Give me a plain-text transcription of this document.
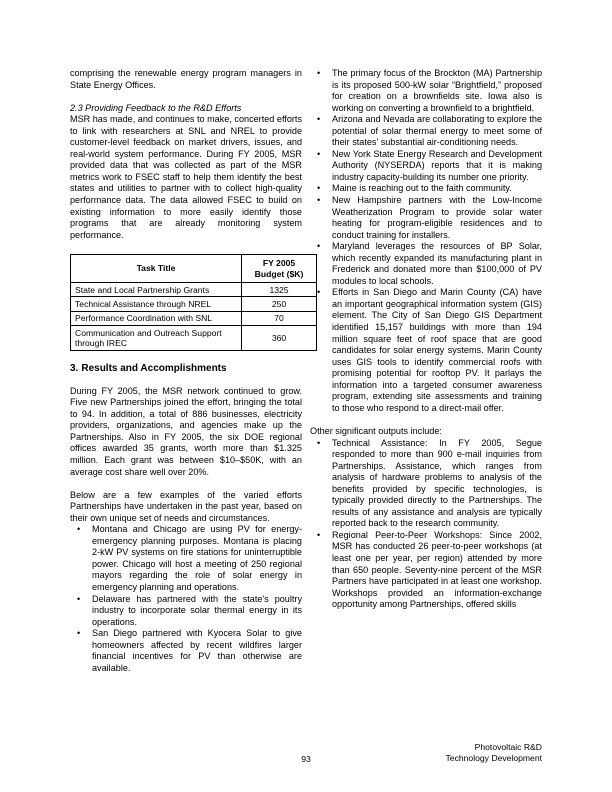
comprising the renewable energy program managers in State Energy Offices.

2.3 Providing Feedback to the R&D Efforts

MSR has made, and continues to make, concerted efforts to link with researchers at SNL and NREL to provide customer-level feedback on market drivers, issues, and real-world system performance. During FY 2005, MSR provided data that was collected as part of the MSR metrics work to FSEC staff to help them identify the best states and utilities to partner with to collect high-quality performance data. The data allowed FSEC to build on existing information to more easily identify those programs that are already monitoring system performance.

Task Title	FY 2005
Budget ($K)
State and Local Partnership Grants	1325
Technical Assistance through NREL	250
Performance Coordination with SNL	70
Communication and Outreach Support through IREC	360

3. Results and Accomplishments

During FY 2005, the MSR network continued to grow. Five new Partnerships joined the effort, bringing the total to 94. In addition, a total of 886 businesses, electricity providers, organizations, and agencies make up the Partnerships. Also in FY 2005, the six DOE regional offices awarded 35 grants, worth more than $1.325 million. Each grant was between $10–$50K, with an average cost share well over 20%.

Below are a few examples of the varied efforts Partnerships have undertaken in the past year, based on their own unique set of needs and circumstances.

• Montana and Chicago are using PV for energy-emergency planning purposes. Montana is placing 2-kW PV systems on fire stations for uninterruptible power. Chicago will host a meeting of 250 regional mayors regarding the role of solar energy in emergency planning and operations.
• Delaware has partnered with the state's poultry industry to incorporate solar thermal energy in its operations.
• San Diego partnered with Kyocera Solar to give homeowners affected by recent wildfires larger financial incentives for PV than otherwise are available.
• The primary focus of the Brockton (MA) Partnership is its proposed 500-kW solar “Brightfield,” proposed for creation on a brownfields site. Iowa also is working on converting a brownfield to a brightfield.
• Arizona and Nevada are collaborating to explore the potential of solar thermal energy to meet some of their states’ substantial air-conditioning needs.
• New York State Energy Research and Development Authority (NYSERDA) reports that it is making industry capacity-building its number one priority.
• Maine is reaching out to the faith community.
• New Hampshire partners with the Low-Income Weatherization Program to provide solar water heating for program-eligible residences and to conduct training for installers.
• Maryland leverages the resources of BP Solar, which recently expanded its manufacturing plant in Frederick and donated more than $100,000 of PV modules to local schools.
• Efforts in San Diego and Marin County (CA) have an important geographical information system (GIS) element. The City of San Diego GIS Department identified 15,157 buildings with more than 194 million square feet of roof space that are good candidates for solar energy systems. Marin County uses GIS tools to identify commercial roofs with promising potential for rooftop PV. It parlays the information into a targeted consumer awareness program, extending site assessments and training to those who respond to a direct-mail offer.

Other significant outputs include:

• Technical Assistance: In FY 2005, Segue responded to more than 900 e-mail inquiries from Partnerships. Assistance, which ranges from analysis of hardware problems to analysis of the benefits provided by specific technologies, is typically provided directly to the Partnerships. The results of any assistance and analysis are typically reported back to the research community.
• Regional Peer-to-Peer Workshops: Since 2002, MSR has conducted 26 peer-to-peer workshops (at least one per year, per region) attended by more than 650 people. Seventy-nine percent of the MSR Partners have participated in at least one workshop. Workshops provided an information-exchange opportunity among Partnerships, offered skills
93
Photovoltaic R&D
Technology Development
